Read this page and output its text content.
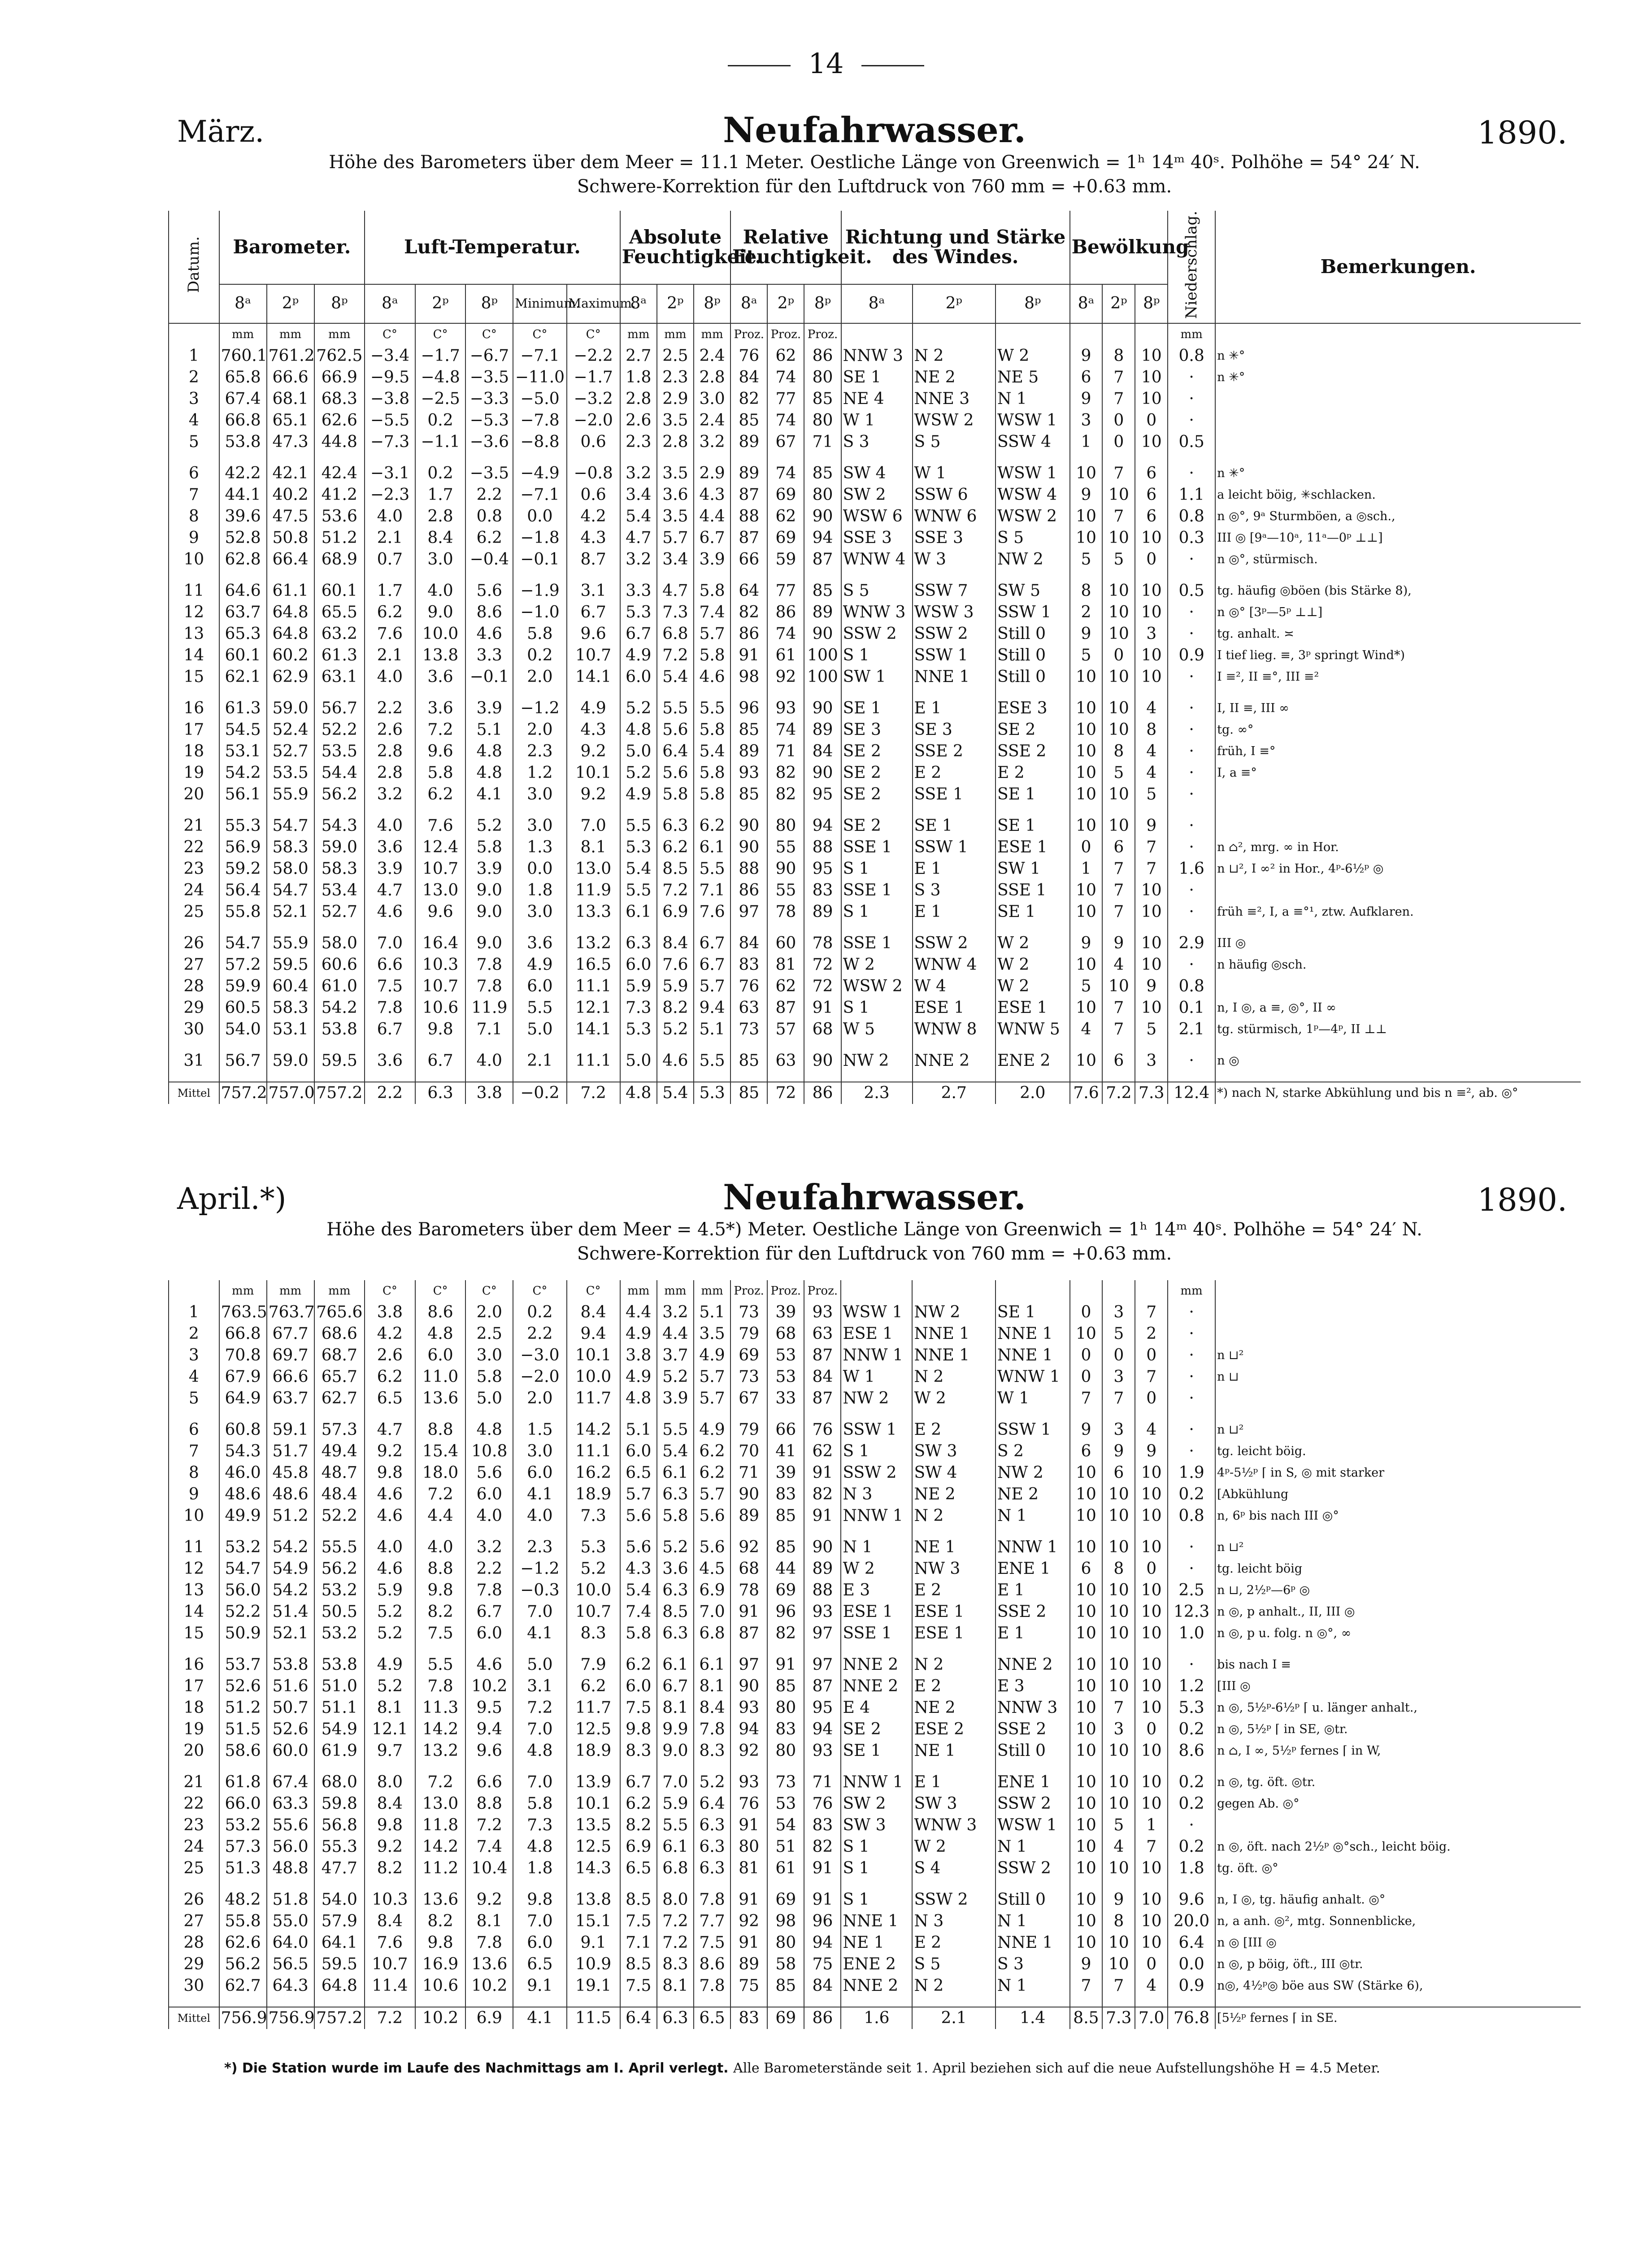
14
März.	Neufahrwasser.	1890.
Höhe des Barometers über dem Meer = 11.1 Meter. Oestliche Länge von Greenwich = 1ʰ 14ᵐ 40ˢ. Polhöhe = 54° 24′ N.
Schwere-Korrektion für den Luftdruck von 760 mm = +0.63 mm.
Datum.	Barometer.			Luft-Temperatur.					Absolute Feuchtigkeit.			Relative Feuchtigkeit.			Richtung und Stärke des Windes.			Bewölkung			Niederschlag.	Bemerkungen.
	8ᵃ	2ᵖ	8ᵖ	8ᵃ	2ᵖ	8ᵖ	Minimum.	Maximum.	8ᵃ	2ᵖ	8ᵖ	8ᵃ	2ᵖ	8ᵖ	8ᵃ	2ᵖ	8ᵖ	8ᵃ	2ᵖ	8ᵖ		
	mm	mm	mm	C°	C°	C°	C°	C°	mm	mm	mm	Proz.	Proz.	Proz.							mm	
1	760.1	761.2	762.5	−3.4	−1.7	−6.7	−7.1	−2.2	2.7	2.5	2.4	76	62	86	NNW 3	N 2	W 2	9	8	10	0.8	n ✳°
2	65.8	66.6	66.9	−9.5	−4.8	−3.5	−11.0	−1.7	1.8	2.3	2.8	84	74	80	SE 1	NE 2	NE 5	6	7	10	·	n ✳°
3	67.4	68.1	68.3	−3.8	−2.5	−3.3	−5.0	−3.2	2.8	2.9	3.0	82	77	85	NE 4	NNE 3	N 1	9	7	10	·	
4	66.8	65.1	62.6	−5.5	0.2	−5.3	−7.8	−2.0	2.6	3.5	2.4	85	74	80	W 1	WSW 2	WSW 1	3	0	0	·	
5	53.8	47.3	44.8	−7.3	−1.1	−3.6	−8.8	0.6	2.3	2.8	3.2	89	67	71	S 3	S 5	SSW 4	1	0	10	0.5	

6	42.2	42.1	42.4	−3.1	0.2	−3.5	−4.9	−0.8	3.2	3.5	2.9	89	74	85	SW 4	W 1	WSW 1	10	7	6	·	n ✳°
7	44.1	40.2	41.2	−2.3	1.7	2.2	−7.1	0.6	3.4	3.6	4.3	87	69	80	SW 2	SSW 6	WSW 4	9	10	6	1.1	a leicht böig, ✳schlacken.
8	39.6	47.5	53.6	4.0	2.8	0.8	0.0	4.2	5.4	3.5	4.4	88	62	90	WSW 6	WNW 6	WSW 2	10	7	6	0.8	n ◎°, 9ᵃ Sturmböen, a ◎sch.,
9	52.8	50.8	51.2	2.1	8.4	6.2	−1.8	4.3	4.7	5.7	6.7	87	69	94	SSE 3	SSE 3	S 5	10	10	10	0.3	III ◎ [9ᵃ—10ᵃ, 11ᵃ—0ᵖ ⊥⊥]
10	62.8	66.4	68.9	0.7	3.0	−0.4	−0.1	8.7	3.2	3.4	3.9	66	59	87	WNW 4	W 3	NW 2	5	5	0	·	n ◎°, stürmisch.

11	64.6	61.1	60.1	1.7	4.0	5.6	−1.9	3.1	3.3	4.7	5.8	64	77	85	S 5	SSW 7	SW 5	8	10	10	0.5	tg. häufig ◎böen (bis Stärke 8),
12	63.7	64.8	65.5	6.2	9.0	8.6	−1.0	6.7	5.3	7.3	7.4	82	86	89	WNW 3	WSW 3	SSW 1	2	10	10	·	n ◎° [3ᵖ—5ᵖ ⊥⊥]
13	65.3	64.8	63.2	7.6	10.0	4.6	5.8	9.6	6.7	6.8	5.7	86	74	90	SSW 2	SSW 2	Still 0	9	10	3	·	tg. anhalt. ≍
14	60.1	60.2	61.3	2.1	13.8	3.3	0.2	10.7	4.9	7.2	5.8	91	61	100	S 1	SSW 1	Still 0	5	0	10	0.9	I tief lieg. ≡, 3ᵖ springt Wind*)
15	62.1	62.9	63.1	4.0	3.6	−0.1	2.0	14.1	6.0	5.4	4.6	98	92	100	SW 1	NNE 1	Still 0	10	10	10	·	I ≡², II ≡°, III ≡²

16	61.3	59.0	56.7	2.2	3.6	3.9	−1.2	4.9	5.2	5.5	5.5	96	93	90	SE 1	E 1	ESE 3	10	10	4	·	I, II ≡, III ∞
17	54.5	52.4	52.2	2.6	7.2	5.1	2.0	4.3	4.8	5.6	5.8	85	74	89	SE 3	SE 3	SE 2	10	10	8	·	tg. ∞°
18	53.1	52.7	53.5	2.8	9.6	4.8	2.3	9.2	5.0	6.4	5.4	89	71	84	SE 2	SSE 2	SSE 2	10	8	4	·	früh, I ≡°
19	54.2	53.5	54.4	2.8	5.8	4.8	1.2	10.1	5.2	5.6	5.8	93	82	90	SE 2	E 2	E 2	10	5	4	·	I, a ≡°
20	56.1	55.9	56.2	3.2	6.2	4.1	3.0	9.2	4.9	5.8	5.8	85	82	95	SE 2	SSE 1	SE 1	10	10	5	·	

21	55.3	54.7	54.3	4.0	7.6	5.2	3.0	7.0	5.5	6.3	6.2	90	80	94	SE 2	SE 1	SE 1	10	10	9	·	
22	56.9	58.3	59.0	3.6	12.4	5.8	1.3	8.1	5.3	6.2	6.1	90	55	88	SSE 1	SSW 1	ESE 1	0	6	7	·	n ⌂², mrg. ∞ in Hor.
23	59.2	58.0	58.3	3.9	10.7	3.9	0.0	13.0	5.4	8.5	5.5	88	90	95	S 1	E 1	SW 1	1	7	7	1.6	n ⊔², I ∞² in Hor., 4ᵖ-6½ᵖ ◎
24	56.4	54.7	53.4	4.7	13.0	9.0	1.8	11.9	5.5	7.2	7.1	86	55	83	SSE 1	S 3	SSE 1	10	7	10	·	
25	55.8	52.1	52.7	4.6	9.6	9.0	3.0	13.3	6.1	6.9	7.6	97	78	89	S 1	E 1	SE 1	10	7	10	·	früh ≡², I, a ≡°¹, ztw. Aufklaren.

26	54.7	55.9	58.0	7.0	16.4	9.0	3.6	13.2	6.3	8.4	6.7	84	60	78	SSE 1	SSW 2	W 2	9	9	10	2.9	III ◎
27	57.2	59.5	60.6	6.6	10.3	7.8	4.9	16.5	6.0	7.6	6.7	83	81	72	W 2	WNW 4	W 2	10	4	10	·	n häufig ◎sch.
28	59.9	60.4	61.0	7.5	10.7	7.8	6.0	11.1	5.9	5.9	5.7	76	62	72	WSW 2	W 4	W 2	5	10	9	0.8	
29	60.5	58.3	54.2	7.8	10.6	11.9	5.5	12.1	7.3	8.2	9.4	63	87	91	S 1	ESE 1	ESE 1	10	7	10	0.1	n, I ◎, a ≡, ◎°, II ∞
30	54.0	53.1	53.8	6.7	9.8	7.1	5.0	14.1	5.3	5.2	5.1	73	57	68	W 5	WNW 8	WNW 5	4	7	5	2.1	tg. stürmisch, 1ᵖ—4ᵖ, II ⊥⊥

31	56.7	59.0	59.5	3.6	6.7	4.0	2.1	11.1	5.0	4.6	5.5	85	63	90	NW 2	NNE 2	ENE 2	10	6	3	·	n ◎

Mittel	757.2	757.0	757.2	2.2	6.3	3.8	−0.2	7.2	4.8	5.4	5.3	85	72	86	2.3	2.7	2.0	7.6	7.2	7.3	12.4	*) nach N, starke Abkühlung und bis n ≡², ab. ◎°
April.*)	Neufahrwasser.	1890.
Höhe des Barometers über dem Meer = 4.5*) Meter. Oestliche Länge von Greenwich = 1ʰ 14ᵐ 40ˢ. Polhöhe = 54° 24′ N.
Schwere-Korrektion für den Luftdruck von 760 mm = +0.63 mm.
	mm	mm	mm	C°	C°	C°	C°	C°	mm	mm	mm	Proz.	Proz.	Proz.							mm	
1	763.5	763.7	765.6	3.8	8.6	2.0	0.2	8.4	4.4	3.2	5.1	73	39	93	WSW 1	NW 2	SE 1	0	3	7	·	
2	66.8	67.7	68.6	4.2	4.8	2.5	2.2	9.4	4.9	4.4	3.5	79	68	63	ESE 1	NNE 1	NNE 1	10	5	2	·	
3	70.8	69.7	68.7	2.6	6.0	3.0	−3.0	10.1	3.8	3.7	4.9	69	53	87	NNW 1	NNE 1	NNE 1	0	0	0	·	n ⊔²
4	67.9	66.6	65.7	6.2	11.0	5.8	−2.0	10.0	4.9	5.2	5.7	73	53	84	W 1	N 2	WNW 1	0	3	7	·	n ⊔
5	64.9	63.7	62.7	6.5	13.6	5.0	2.0	11.7	4.8	3.9	5.7	67	33	87	NW 2	W 2	W 1	7	7	0	·	

6	60.8	59.1	57.3	4.7	8.8	4.8	1.5	14.2	5.1	5.5	4.9	79	66	76	SSW 1	E 2	SSW 1	9	3	4	·	n ⊔²
7	54.3	51.7	49.4	9.2	15.4	10.8	3.0	11.1	6.0	5.4	6.2	70	41	62	S 1	SW 3	S 2	6	9	9	·	tg. leicht böig.
8	46.0	45.8	48.7	9.8	18.0	5.6	6.0	16.2	6.5	6.1	6.2	71	39	91	SSW 2	SW 4	NW 2	10	6	10	1.9	4ᵖ-5½ᵖ ⌈ in S, ◎ mit starker
9	48.6	48.6	48.4	4.6	7.2	6.0	4.1	18.9	5.7	6.3	5.7	90	83	82	N 3	NE 2	NE 2	10	10	10	0.2	[Abkühlung
10	49.9	51.2	52.2	4.6	4.4	4.0	4.0	7.3	5.6	5.8	5.6	89	85	91	NNW 1	N 2	N 1	10	10	10	0.8	n, 6ᵖ bis nach III ◎°

11	53.2	54.2	55.5	4.0	4.0	3.2	2.3	5.3	5.6	5.2	5.6	92	85	90	N 1	NE 1	NNW 1	10	10	10	·	n ⊔²
12	54.7	54.9	56.2	4.6	8.8	2.2	−1.2	5.2	4.3	3.6	4.5	68	44	89	W 2	NW 3	ENE 1	6	8	0	·	tg. leicht böig
13	56.0	54.2	53.2	5.9	9.8	7.8	−0.3	10.0	5.4	6.3	6.9	78	69	88	E 3	E 2	E 1	10	10	10	2.5	n ⊔, 2½ᵖ—6ᵖ ◎
14	52.2	51.4	50.5	5.2	8.2	6.7	7.0	10.7	7.4	8.5	7.0	91	96	93	ESE 1	ESE 1	SSE 2	10	10	10	12.3	n ◎, p anhalt., II, III ◎
15	50.9	52.1	53.2	5.2	7.5	6.0	4.1	8.3	5.8	6.3	6.8	87	82	97	SSE 1	ESE 1	E 1	10	10	10	1.0	n ◎, p u. folg. n ◎°, ∞

16	53.7	53.8	53.8	4.9	5.5	4.6	5.0	7.9	6.2	6.1	6.1	97	91	97	NNE 2	N 2	NNE 2	10	10	10	·	bis nach I ≡
17	52.6	51.6	51.0	5.2	7.8	10.2	3.1	6.2	6.0	6.7	8.1	90	85	87	NNE 2	E 2	E 3	10	10	10	1.2	[III ◎
18	51.2	50.7	51.1	8.1	11.3	9.5	7.2	11.7	7.5	8.1	8.4	93	80	95	E 4	NE 2	NNW 3	10	7	10	5.3	n ◎, 5½ᵖ-6½ᵖ ⌈ u. länger anhalt.,
19	51.5	52.6	54.9	12.1	14.2	9.4	7.0	12.5	9.8	9.9	7.8	94	83	94	SE 2	ESE 2	SSE 2	10	3	0	0.2	n ◎, 5½ᵖ ⌈ in SE, ◎tr.
20	58.6	60.0	61.9	9.7	13.2	9.6	4.8	18.9	8.3	9.0	8.3	92	80	93	SE 1	NE 1	Still 0	10	10	10	8.6	n ⌂, I ∞, 5½ᵖ fernes ⌈ in W,

21	61.8	67.4	68.0	8.0	7.2	6.6	7.0	13.9	6.7	7.0	5.2	93	73	71	NNW 1	E 1	ENE 1	10	10	10	0.2	n ◎, tg. öft. ◎tr.
22	66.0	63.3	59.8	8.4	13.0	8.8	5.8	10.1	6.2	5.9	6.4	76	53	76	SW 2	SW 3	SSW 2	10	10	10	0.2	gegen Ab. ◎°
23	53.2	55.6	56.8	9.8	11.8	7.2	7.3	13.5	8.2	5.5	6.3	91	54	83	SW 3	WNW 3	WSW 1	10	5	1	·	
24	57.3	56.0	55.3	9.2	14.2	7.4	4.8	12.5	6.9	6.1	6.3	80	51	82	S 1	W 2	N 1	10	4	7	0.2	n ◎, öft. nach 2½ᵖ ◎°sch., leicht böig.
25	51.3	48.8	47.7	8.2	11.2	10.4	1.8	14.3	6.5	6.8	6.3	81	61	91	S 1	S 4	SSW 2	10	10	10	1.8	tg. öft. ◎°

26	48.2	51.8	54.0	10.3	13.6	9.2	9.8	13.8	8.5	8.0	7.8	91	69	91	S 1	SSW 2	Still 0	10	9	10	9.6	n, I ◎, tg. häufig anhalt. ◎°
27	55.8	55.0	57.9	8.4	8.2	8.1	7.0	15.1	7.5	7.2	7.7	92	98	96	NNE 1	N 3	N 1	10	8	10	20.0	n, a anh. ◎², mtg. Sonnenblicke,
28	62.6	64.0	64.1	7.6	9.8	7.8	6.0	9.1	7.1	7.2	7.5	91	80	94	NE 1	E 2	NNE 1	10	10	10	6.4	n ◎ [III ◎
29	56.2	56.5	59.5	10.7	16.9	13.6	6.5	10.9	8.5	8.3	8.6	89	58	75	ENE 2	S 5	S 3	9	10	0	0.0	n ◎, p böig, öft., III ◎tr.
30	62.7	64.3	64.8	11.4	10.6	10.2	9.1	19.1	7.5	8.1	7.8	75	85	84	NNE 2	N 2	N 1	7	7	4	0.9	n◎, 4½ᵖ◎ böe aus SW (Stärke 6),

Mittel	756.9	756.9	757.2	7.2	10.2	6.9	4.1	11.5	6.4	6.3	6.5	83	69	86	1.6	2.1	1.4	8.5	7.3	7.0	76.8	[5½ᵖ fernes ⌈ in SE.
*) Die Station wurde im Laufe des Nachmittags am I. April verlegt. Alle Barometerstände seit 1. April beziehen sich auf die neue Aufstellungshöhe H = 4.5 Meter.
